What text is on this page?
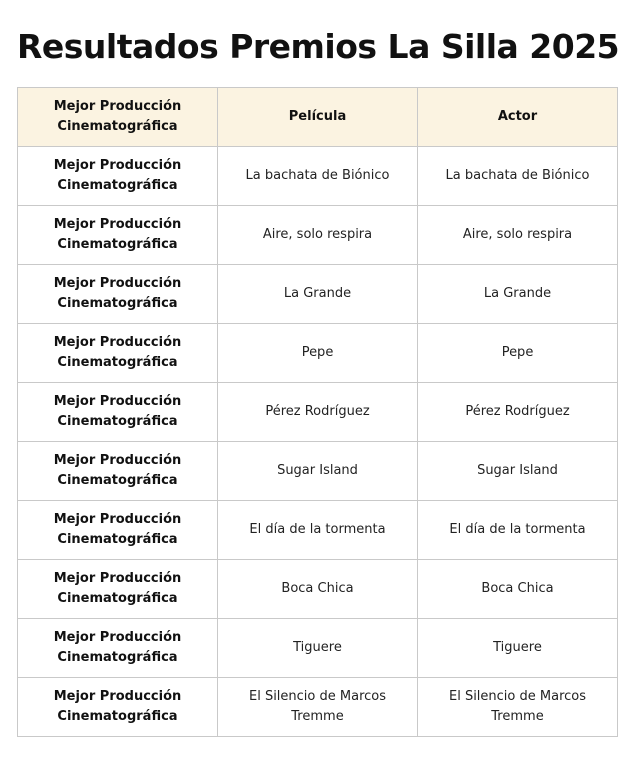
Resultados Premios La Silla 2025
Mejor Producción Cinematográfica	Película	Actor
Mejor Producción Cinematográfica	La bachata de Biónico	La bachata de Biónico
Mejor Producción Cinematográfica	Aire, solo respira	Aire, solo respira
Mejor Producción Cinematográfica	La Grande	La Grande
Mejor Producción Cinematográfica	Pepe	Pepe
Mejor Producción Cinematográfica	Pérez Rodríguez	Pérez Rodríguez
Mejor Producción Cinematográfica	Sugar Island	Sugar Island
Mejor Producción Cinematográfica	El día de la tormenta	El día de la tormenta
Mejor Producción Cinematográfica	Boca Chica	Boca Chica
Mejor Producción Cinematográfica	Tiguere	Tiguere
Mejor Producción Cinematográfica	El Silencio de Marcos Tremme	El Silencio de Marcos Tremme
